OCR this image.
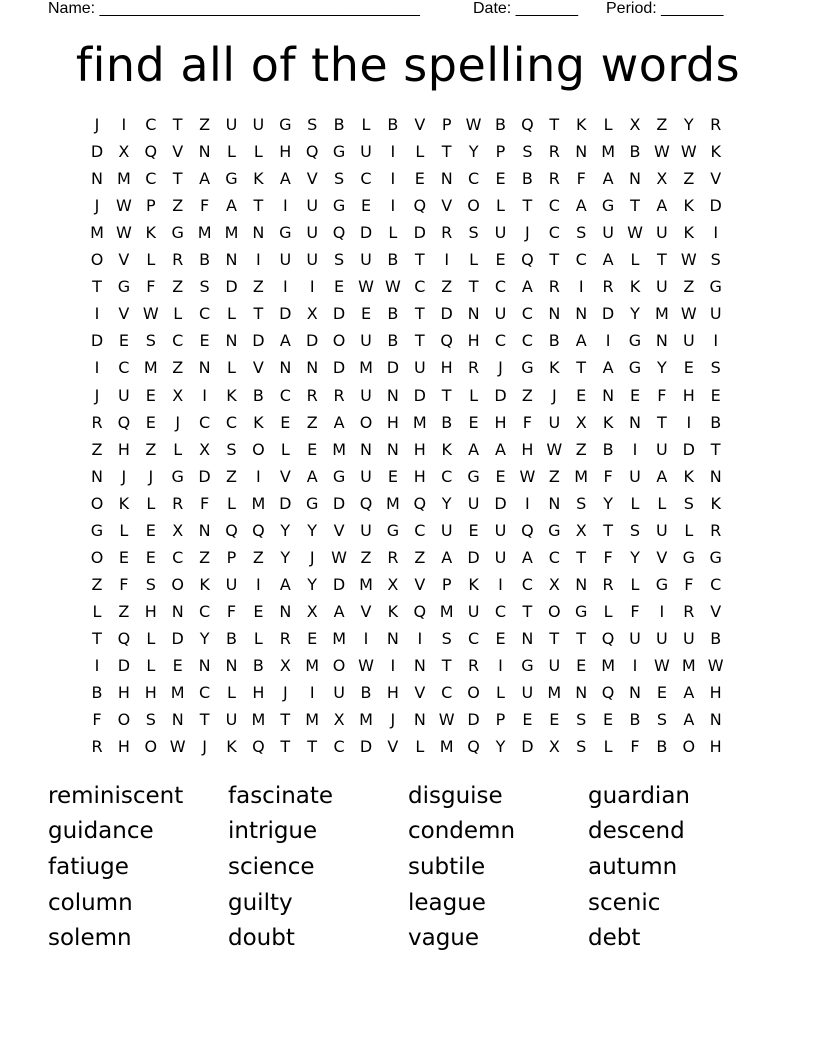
Name: ____________________________________	Date: _______ Period: _______
find all of the spelling words
J	I	C	T	Z U U G S	B	L	B V	P W B Q T	K	L	X Z	Y	R
D X Q V N	L	L	H Q G U	I	L	T	Y	P	S	R N M B W W K
N M C	T	A G K	A V	S	C	I	E N C	E	B R	F	A N X Z V
J	W P	Z	F	A	T	I	U G E	I	Q V O	L	T	C A G T	A	K D
M W K G M M N G U Q D	L	D R	S U	J	C	S U W U K	I
O V	L	R B N	I	U U S U B	T	I	L	E Q T	C A	L	T W S
T G	F	Z	S D Z	I	I	E W W C Z	T	C A R	I	R	K U Z G
I	V W L	C	L	T D X D E	B	T D N U C N N D Y M W U
D E	S	C	E N D A D O U B	T Q H C C B A	I	G N U	I
I	C M Z N	L	V N N D M D U H R	J	G K	T	A G Y	E	S
J	U E	X	I	K	B C R R U N D T	L	D Z	J	E N E	F	H E
R Q E	J	C C	K	E	Z A O H M B	E H	F	U X	K N	T	I	B
Z H Z	L	X	S O	L	E M N N H K	A A H W Z B	I	U D T
N	J	J	G D Z	I	V A G U E H C G E W Z M F	U A	K N
O K	L	R	F	L M D G D Q M Q Y	U D	I	N S	Y	L	L	S	K
G	L	E	X N Q Q Y	Y	V U G C U E	U Q G X	T	S U	L	R
O E	E	C Z	P	Z	Y	J	W Z R Z A D U A C	T	F	Y	V G G
Z	F	S O K U	I	A	Y D M X V	P	K	I	C X N R	L	G	F	C
L	Z H N C	F	E N X A V	K Q M U C	T O G	L	F	I	R V
T Q	L	D Y	B	L	R	E M	I	N	I	S	C	E N	T	T Q U U U B
I	D	L	E N N B X M O W	I	N	T	R	I	G U E M	I	W M W
B H H M C	L	H	J	I	U B H V C O	L	U M N Q N E	A H
F	O S N	T	U M T M X M	J	N W D P	E	E	S	E	B	S	A N
R H O W	J	K Q T	T	C D V	L M Q Y D X	S	L	F	B O H
reminiscent fascinate	disguise	guardian
guidance	intrigue	condemn	descend
fatiuge	science	subtile	autumn
column	guilty	league	scenic
solemn	doubt	vague	debt
